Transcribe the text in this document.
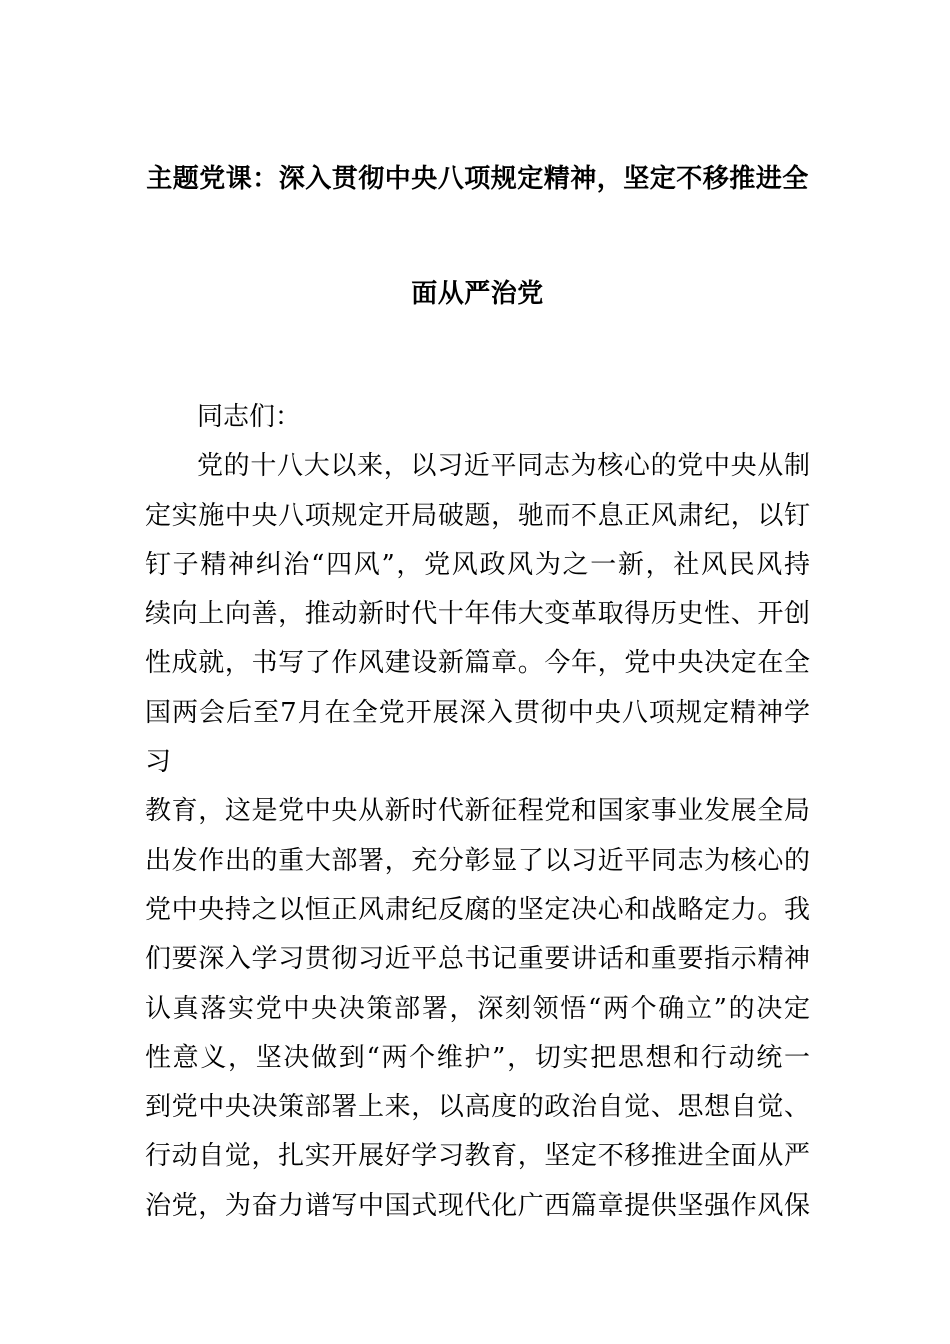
主题党课：深入贯彻中央八项规定精神，坚定不移推进全
面从严治党
同志们：
党的十八大以来，以习近平同志为核心的党中央从制
定实施中央八项规定开局破题，驰而不息正风肃纪，以钉
钉子精神纠治“四风”，党风政风为之一新，社风民风持
续向上向善，推动新时代十年伟大变革取得历史性、开创
性成就，书写了作风建设新篇章。今年，党中央决定在全
国两会后至7月在全党开展深入贯彻中央八项规定精神学习
教育，这是党中央从新时代新征程党和国家事业发展全局
出发作出的重大部署，充分彰显了以习近平同志为核心的
党中央持之以恒正风肃纪反腐的坚定决心和战略定力。我
们要深入学习贯彻习近平总书记重要讲话和重要指示精神
认真落实党中央决策部署，深刻领悟“两个确立”的决定
性意义，坚决做到“两个维护”，切实把思想和行动统一
到党中央决策部署上来，以高度的政治自觉、思想自觉、
行动自觉，扎实开展好学习教育，坚定不移推进全面从严
治党，为奋力谱写中国式现代化广西篇章提供坚强作风保
